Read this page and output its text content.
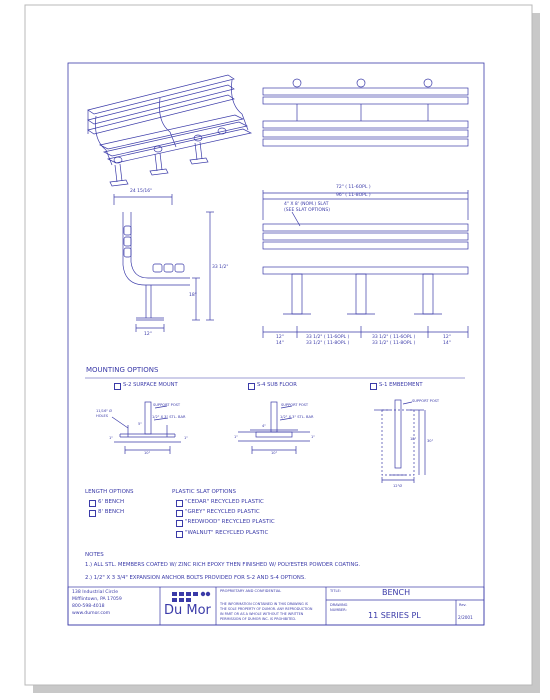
72" ( 11-6OPL )
96" ( 11-8OPL )
4" X 8' (NOM.) SLAT
(SEE SLAT OPTIONS)
12"
14"
33 1/2" ( 11-6OPL )
33 1/2" ( 11-8OPL )
33 1/2" ( 11-6OPL )
33 1/2" ( 11-8OPL )
12"
14"
24 15/16"
33 1/2"
18"
12"
MOUNTING OPTIONS
S-2 SURFACE MOUNT
SUPPORT POST
1/2" X 3" STL. BAR
11/16" Ø
HOLES
1"	1"
10"
5"
S-4 SUB FLOOR
SUPPORT POST
1/2" X 3" STL. BAR
1"	1"
10"
4"
S-1 EMBEDMENT
SUPPORT POST
18"	30"
12"Ø
LENGTH OPTIONS
6' BENCH
8' BENCH
PLASTIC SLAT OPTIONS
"CEDAR" RECYCLED PLASTIC
"GREY" RECYCLED PLASTIC
"REDWOOD" RECYCLED PLASTIC
"WALNUT" RECYCLED PLASTIC
NOTES
1.) ALL STL. MEMBERS COATED W/ ZINC RICH EPOXY THEN FINISHED W/ POLYESTER POWDER COATING.
2.) 1/2" X 3 3/4" EXPANSION ANCHOR BOLTS PROVIDED FOR S-2 AND S-4 OPTIONS.
138 Industrial Circle
Mifflintown, PA 17059
800-598-4018
www.dumor.com	Du Mor
PROPRIETARY AND CONFIDENTIAL
THE INFORMATION CONTAINED IN THIS DRAWING IS
THE SOLE PROPERTY OF DUMOR. ANY REPRODUCTION
IN PART OR AS A WHOLE WITHOUT THE WRITTEN
PERMISSION OF DUMOR INC. IS PROHIBITED.
TITLE:	BENCH
DRAWING
NUMBER:
11 SERIES PL
Rev.
2/2001
